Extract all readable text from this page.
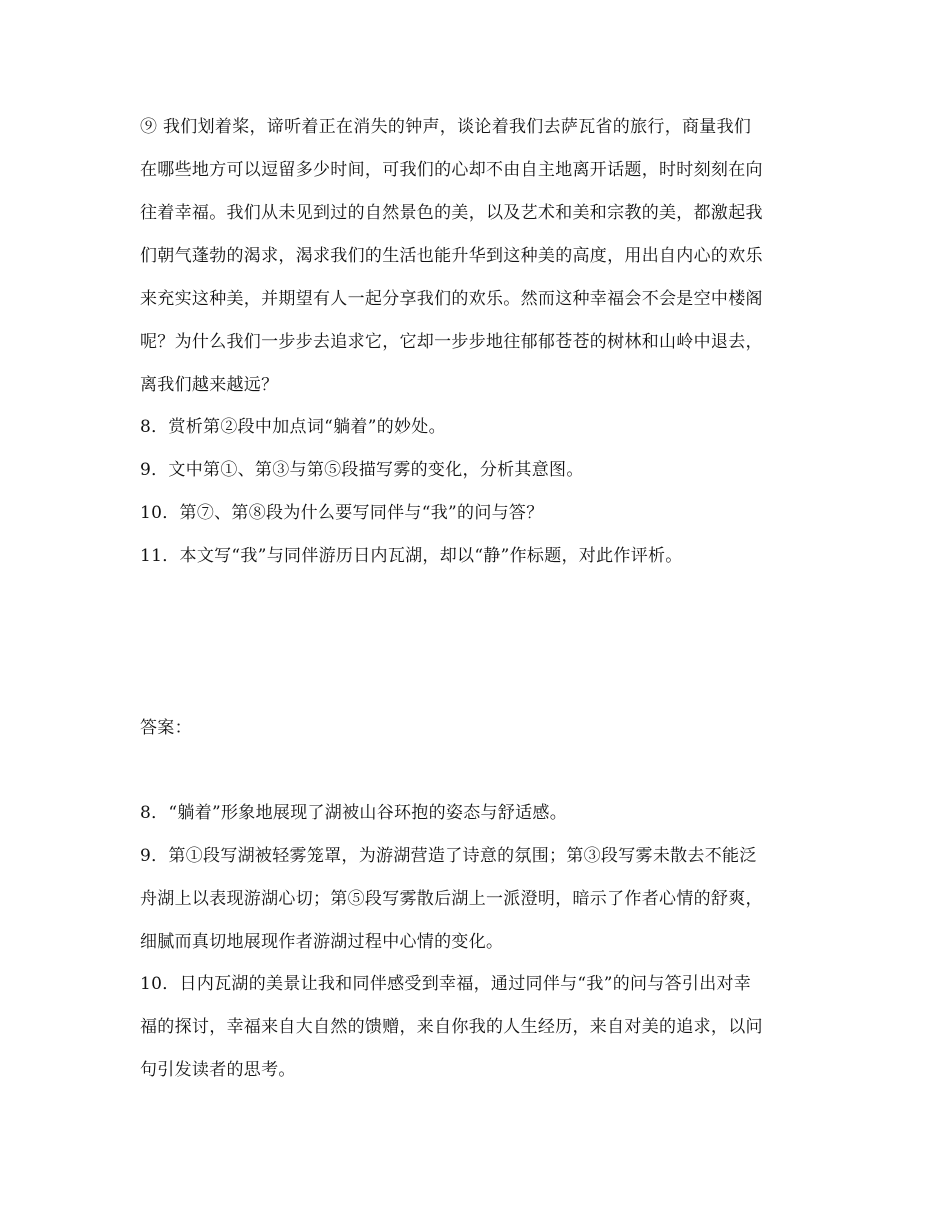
⑨ 我们划着桨，谛听着正在消失的钟声，谈论着我们去萨瓦省的旅行，商量我们
在哪些地方可以逗留多少时间，可我们的心却不由自主地离开话题，时时刻刻在向
往着幸福。我们从未见到过的自然景色的美，以及艺术和美和宗教的美，都激起我
们朝气蓬勃的渴求，渴求我们的生活也能升华到这种美的高度，用出自内心的欢乐
来充实这种美，并期望有人一起分享我们的欢乐。然而这种幸福会不会是空中楼阁
呢？为什么我们一步步去追求它，它却一步步地往郁郁苍苍的树林和山岭中退去，
离我们越来越远？
8．赏析第②段中加点词“躺着”的妙处。
9．文中第①、第③与第⑤段描写雾的变化，分析其意图。
10．第⑦、第⑧段为什么要写同伴与“我”的问与答？
11．本文写“我”与同伴游历日内瓦湖，却以“静”作标题，对此作评析。
答案：
8．“躺着”形象地展现了湖被山谷环抱的姿态与舒适感。
9．第①段写湖被轻雾笼罩，为游湖营造了诗意的氛围；第③段写雾未散去不能泛
舟湖上以表现游湖心切；第⑤段写雾散后湖上一派澄明，暗示了作者心情的舒爽，
细腻而真切地展现作者游湖过程中心情的变化。
10．日内瓦湖的美景让我和同伴感受到幸福，通过同伴与“我”的问与答引出对幸
福的探讨，幸福来自大自然的馈赠，来自你我的人生经历，来自对美的追求，以问
句引发读者的思考。
